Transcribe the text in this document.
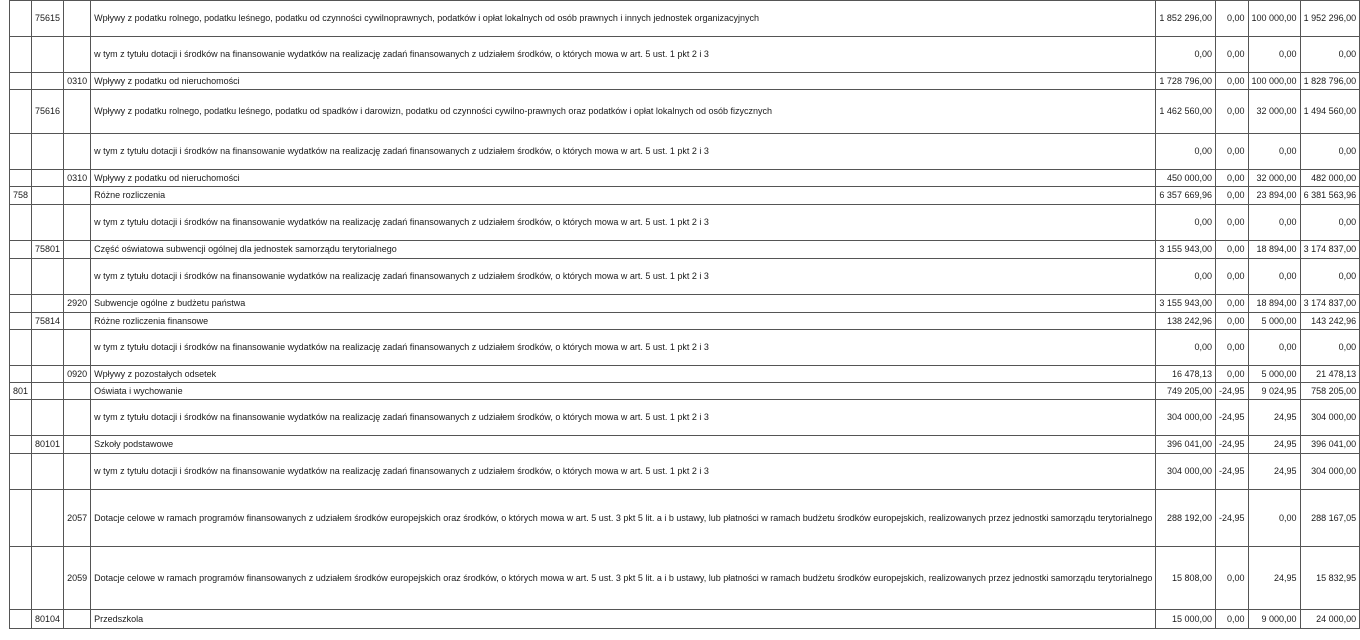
	75615		Wpływy z podatku rolnego, podatku leśnego, podatku od czynności cywilnoprawnych, podatków i opłat lokalnych od osób prawnych i innych jednostek organizacyjnych	1 852 296,00	0,00	100 000,00	1 952 296,00
			w tym z tytułu dotacji i środków na finansowanie wydatków na realizację zadań finansowanych z udziałem środków, o których mowa w art. 5 ust. 1 pkt 2 i 3	0,00	0,00	0,00	0,00
		0310	Wpływy z podatku od nieruchomości	1 728 796,00	0,00	100 000,00	1 828 796,00
	75616		Wpływy z podatku rolnego, podatku leśnego, podatku od spadków i darowizn, podatku od czynności cywilno-prawnych oraz podatków i opłat lokalnych od osób fizycznych	1 462 560,00	0,00	32 000,00	1 494 560,00
			w tym z tytułu dotacji i środków na finansowanie wydatków na realizację zadań finansowanych z udziałem środków, o których mowa w art. 5 ust. 1 pkt 2 i 3	0,00	0,00	0,00	0,00
		0310	Wpływy z podatku od nieruchomości	450 000,00	0,00	32 000,00	482 000,00
758			Różne rozliczenia	6 357 669,96	0,00	23 894,00	6 381 563,96
			w tym z tytułu dotacji i środków na finansowanie wydatków na realizację zadań finansowanych z udziałem środków, o których mowa w art. 5 ust. 1 pkt 2 i 3	0,00	0,00	0,00	0,00
	75801		Część oświatowa subwencji ogólnej dla jednostek samorządu terytorialnego	3 155 943,00	0,00	18 894,00	3 174 837,00
			w tym z tytułu dotacji i środków na finansowanie wydatków na realizację zadań finansowanych z udziałem środków, o których mowa w art. 5 ust. 1 pkt 2 i 3	0,00	0,00	0,00	0,00
		2920	Subwencje ogólne z budżetu państwa	3 155 943,00	0,00	18 894,00	3 174 837,00
	75814		Różne rozliczenia finansowe	138 242,96	0,00	5 000,00	143 242,96
			w tym z tytułu dotacji i środków na finansowanie wydatków na realizację zadań finansowanych z udziałem środków, o których mowa w art. 5 ust. 1 pkt 2 i 3	0,00	0,00	0,00	0,00
		0920	Wpływy z pozostałych odsetek	16 478,13	0,00	5 000,00	21 478,13
801			Oświata i wychowanie	749 205,00	-24,95	9 024,95	758 205,00
			w tym z tytułu dotacji i środków na finansowanie wydatków na realizację zadań finansowanych z udziałem środków, o których mowa w art. 5 ust. 1 pkt 2 i 3	304 000,00	-24,95	24,95	304 000,00
	80101		Szkoły podstawowe	396 041,00	-24,95	24,95	396 041,00
			w tym z tytułu dotacji i środków na finansowanie wydatków na realizację zadań finansowanych z udziałem środków, o których mowa w art. 5 ust. 1 pkt 2 i 3	304 000,00	-24,95	24,95	304 000,00
		2057	Dotacje celowe w ramach programów finansowanych z udziałem środków europejskich oraz środków, o których mowa w art. 5 ust. 3 pkt 5 lit. a i b ustawy, lub płatności w ramach budżetu środków europejskich, realizowanych przez jednostki samorządu terytorialnego	288 192,00	-24,95	0,00	288 167,05
		2059	Dotacje celowe w ramach programów finansowanych z udziałem środków europejskich oraz środków, o których mowa w art. 5 ust. 3 pkt 5 lit. a i b ustawy, lub płatności w ramach budżetu środków europejskich, realizowanych przez jednostki samorządu terytorialnego	15 808,00	0,00	24,95	15 832,95
	80104		Przedszkola	15 000,00	0,00	9 000,00	24 000,00
